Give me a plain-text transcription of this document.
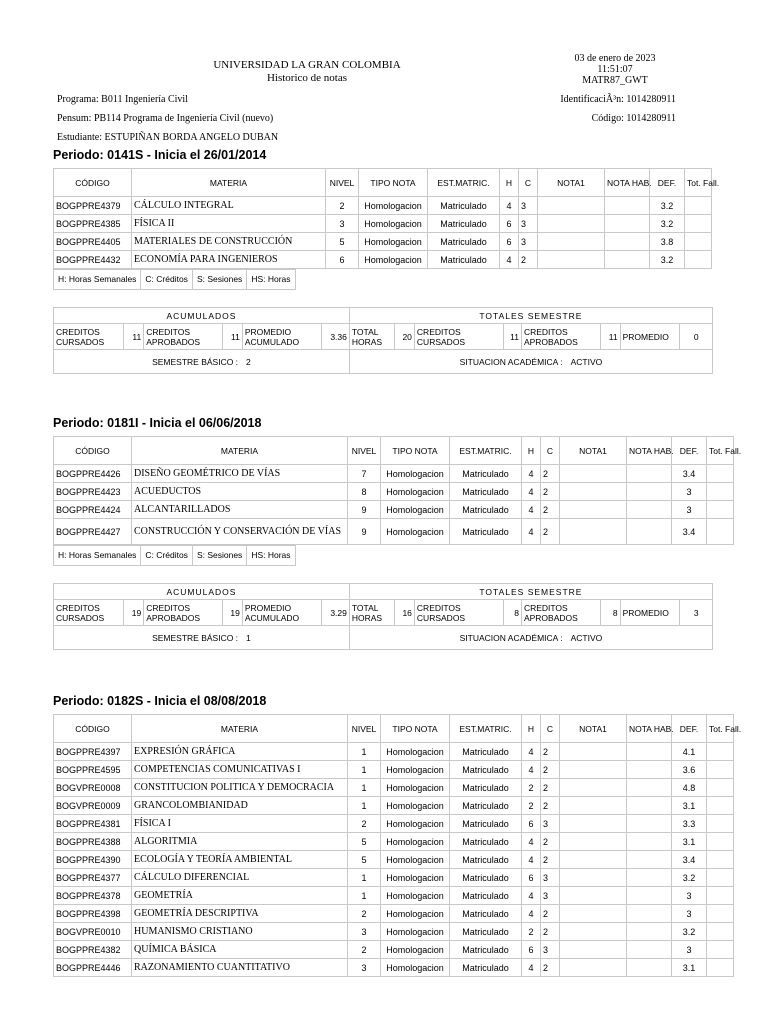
UNIVERSIDAD LA GRAN COLOMBIA
Historico de notas
03 de enero de 2023
11:51:07
MATR87_GWT
Programa: B011 Ingeniería Civil	IdentificaciÃ³n: 1014280911
Pensum: PB114 Programa de Ingeniería Civil (nuevo)	Código: 1014280911
Estudiante: ESTUPIÑAN BORDA ANGELO DUBAN
Periodo: 0141S - Inicia el 26/01/2014
CÓDIGO	MATERIA	NIVEL	TIPO NOTA	EST.MATRIC.	H	C	NOTA1	NOTA HAB.	DEF.	Tot. Fall.
BOGPPRE4379	CÁLCULO INTEGRAL	2	Homologacion	Matriculado	4	3			3.2	
BOGPPRE4385	FÍSICA II	3	Homologacion	Matriculado	6	3			3.2	
BOGPPRE4405	MATERIALES DE CONSTRUCCIÓN	5	Homologacion	Matriculado	6	3			3.8	
BOGPPRE4432	ECONOMÍA PARA INGENIEROS	6	Homologacion	Matriculado	4	2			3.2	
H: Horas Semanales	C: Créditos	S: Sesiones	HS: Horas
ACUMULADOS						TOTALES SEMESTRE							
CREDITOS CURSADOS	11	CREDITOS APROBADOS	11	PROMEDIO ACUMULADO	3.36	TOTAL HORAS	20	CREDITOS CURSADOS	11	CREDITOS APROBADOS	11	PROMEDIO	0
SEMESTRE BÁSICO : 2						SITUACION ACADÉMICA : ACTIVO							
Periodo: 0181I - Inicia el 06/06/2018
CÓDIGO	MATERIA	NIVEL	TIPO NOTA	EST.MATRIC.	H	C	NOTA1	NOTA HAB.	DEF.	Tot. Fall.
BOGPPRE4426	DISEÑO GEOMÉTRICO DE VÍAS	7	Homologacion	Matriculado	4	2			3.4	
BOGPPRE4423	ACUEDUCTOS	8	Homologacion	Matriculado	4	2			3	
BOGPPRE4424	ALCANTARILLADOS	9	Homologacion	Matriculado	4	2			3	
BOGPPRE4427	CONSTRUCCIÓN Y CONSERVACIÓN DE VÍAS	9	Homologacion	Matriculado	4	2			3.4	
H: Horas Semanales	C: Créditos	S: Sesiones	HS: Horas
ACUMULADOS						TOTALES SEMESTRE							
CREDITOS CURSADOS	19	CREDITOS APROBADOS	19	PROMEDIO ACUMULADO	3.29	TOTAL HORAS	16	CREDITOS CURSADOS	8	CREDITOS APROBADOS	8	PROMEDIO	3
SEMESTRE BÁSICO : 1						SITUACION ACADÉMICA : ACTIVO							
Periodo: 0182S - Inicia el 08/08/2018
CÓDIGO	MATERIA	NIVEL	TIPO NOTA	EST.MATRIC.	H	C	NOTA1	NOTA HAB.	DEF.	Tot. Fall.
BOGPPRE4397	EXPRESIÓN GRÁFICA	1	Homologacion	Matriculado	4	2			4.1	
BOGPPRE4595	COMPETENCIAS COMUNICATIVAS I	1	Homologacion	Matriculado	4	2			3.6	
BOGVPRE0008	CONSTITUCION POLITICA Y DEMOCRACIA	1	Homologacion	Matriculado	2	2			4.8	
BOGVPRE0009	GRANCOLOMBIANIDAD	1	Homologacion	Matriculado	2	2			3.1	
BOGPPRE4381	FÍSICA I	2	Homologacion	Matriculado	6	3			3.3	
BOGPPRE4388	ALGORITMIA	5	Homologacion	Matriculado	4	2			3.1	
BOGPPRE4390	ECOLOGÍA Y TEORÍA AMBIENTAL	5	Homologacion	Matriculado	4	2			3.4	
BOGPPRE4377	CÁLCULO DIFERENCIAL	1	Homologacion	Matriculado	6	3			3.2	
BOGPPRE4378	GEOMETRÍA	1	Homologacion	Matriculado	4	3			3	
BOGPPRE4398	GEOMETRÍA DESCRIPTIVA	2	Homologacion	Matriculado	4	2			3	
BOGVPRE0010	HUMANISMO CRISTIANO	3	Homologacion	Matriculado	2	2			3.2	
BOGPPRE4382	QUÍMICA BÁSICA	2	Homologacion	Matriculado	6	3			3	
BOGPPRE4446	RAZONAMIENTO CUANTITATIVO	3	Homologacion	Matriculado	4	2			3.1	
